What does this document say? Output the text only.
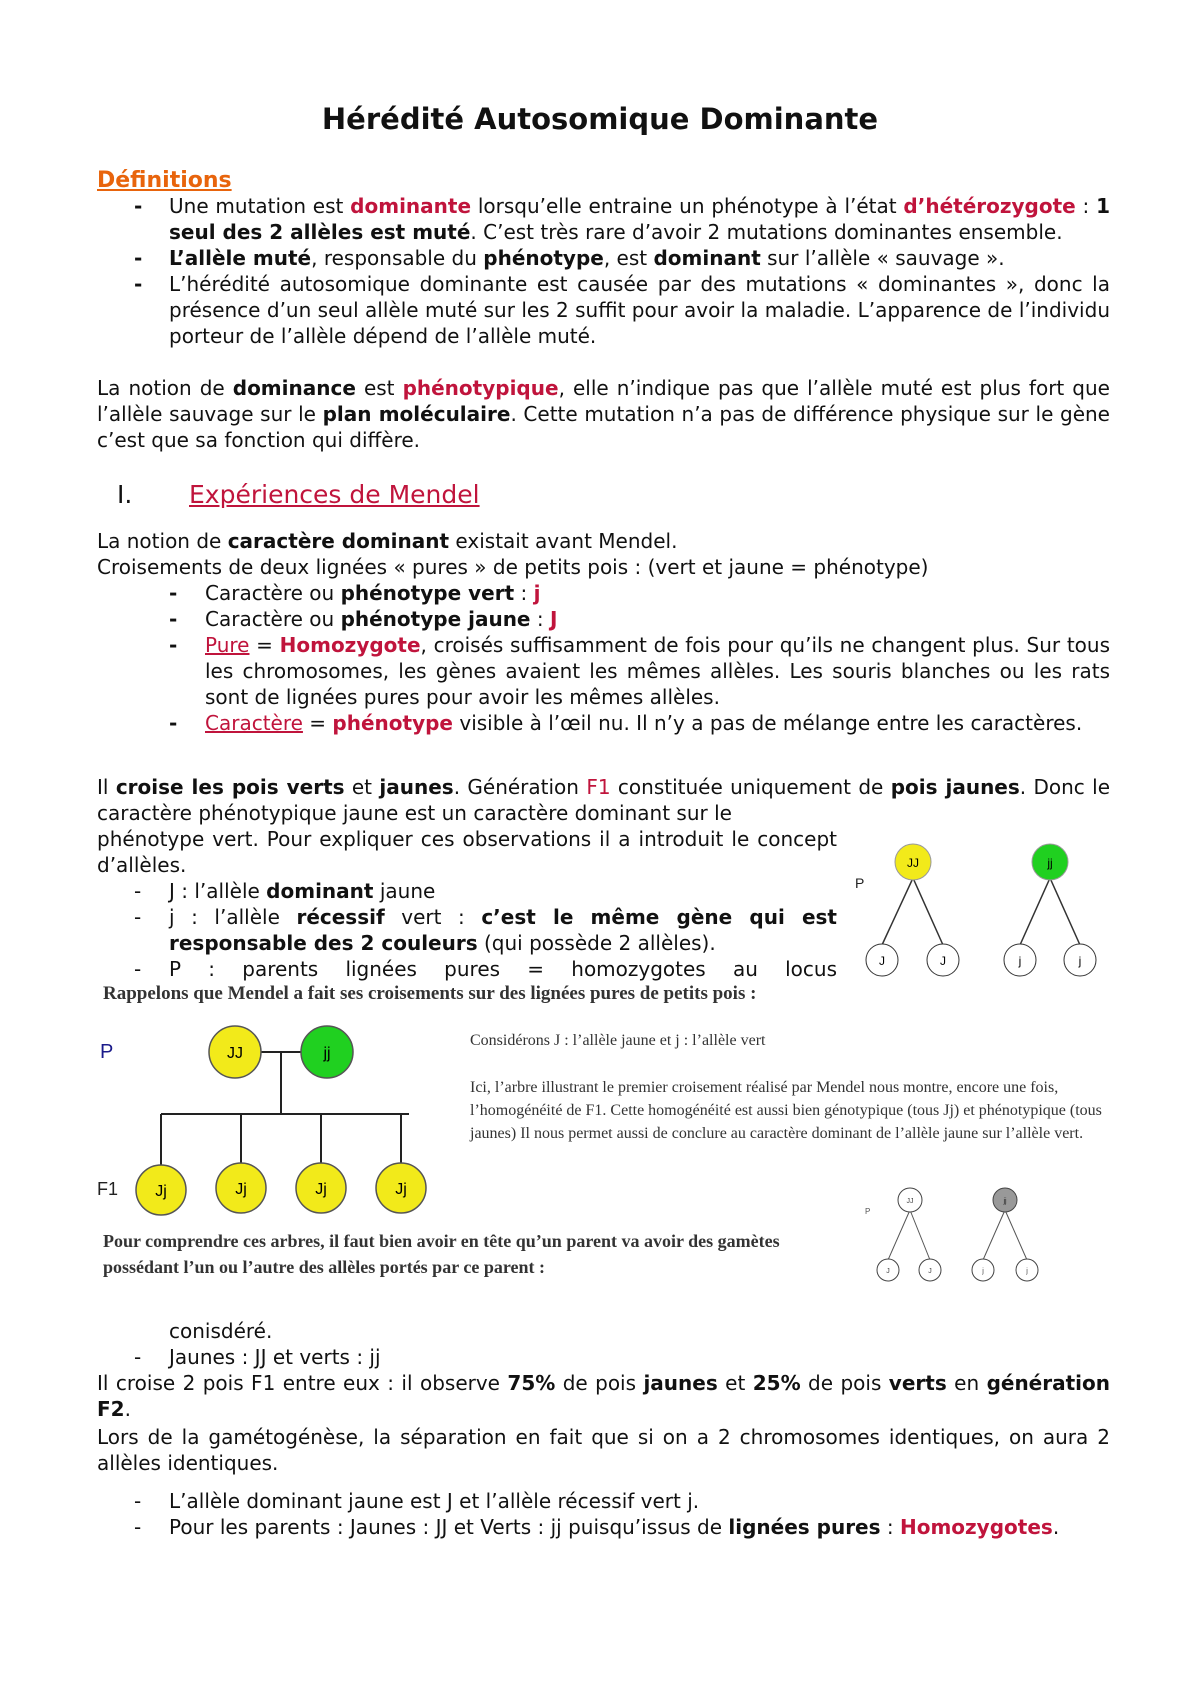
Hérédité Autosomique Dominante
Définitions
- Une mutation est dominante lorsqu’elle entraine un phénotype à l’état d’hétérozygote : 1 seul des 2 allèles est muté. C’est très rare d’avoir 2 mutations dominantes ensemble.
- L’allèle muté, responsable du phénotype, est dominant sur l’allèle « sauvage ».
- L’hérédité autosomique dominante est causée par des mutations « dominantes », donc la présence d’un seul allèle muté sur les 2 suffit pour avoir la maladie. L’apparence de l’individu porteur de l’allèle dépend de l’allèle muté.
La notion de dominance est phénotypique, elle n’indique pas que l’allèle muté est plus fort que l’allèle sauvage sur le plan moléculaire. Cette mutation n’a pas de différence physique sur le gène c’est que sa fonction qui diffère.
I. Expériences de Mendel
La notion de caractère dominant existait avant Mendel.
Croisements de deux lignées « pures » de petits pois : (vert et jaune = phénotype)
- Caractère ou phénotype vert : j
- Caractère ou phénotype jaune : J
- Pure = Homozygote, croisés suffisamment de fois pour qu’ils ne changent plus. Sur tous les chromosomes, les gènes avaient les mêmes allèles. Les souris blanches ou les rats sont de lignées pures pour avoir les mêmes allèles.
- Caractère = phénotype visible à l’œil nu. Il n’y a pas de mélange entre les caractères.
Il croise les pois verts et jaunes. Génération F1 constituée uniquement de pois jaunes. Donc le caractère phénotypique jaune est un caractère dominant sur le
phénotype vert. Pour expliquer ces observations il a introduit le concept d’allèles.
- J : l’allèle dominant jaune
- j : l’allèle récessif vert : c’est le même gène qui est responsable des 2 couleurs (qui possède 2 allèles).
- P : parents lignées pures = homozygotes au locus
P
JJ	jj
J	J	j	j
Rappelons que Mendel a fait ses croisements sur des lignées pures de petits pois :
P
F1
JJ	jj
Jj	Jj	Jj	Jj
Considérons J : l’allèle jaune et j : l’allèle vert
Ici, l’arbre illustrant le premier croisement réalisé par Mendel nous montre, encore une fois, l’homogénéité de F1. Cette homogénéité est aussi bien génotypique (tous Jj) et phénotypique (tous jaunes) Il nous permet aussi de conclure au caractère dominant de l’allèle jaune sur l’allèle vert.
Pour comprendre ces arbres, il faut bien avoir en tête qu’un parent va avoir des gamètes possédant l’un ou l’autre des allèles portés par ce parent :
P
JJ	jj
J	J	j	j
conisdéré.
- Jaunes : JJ et verts : jj
Il croise 2 pois F1 entre eux : il observe 75% de pois jaunes et 25% de pois verts en génération F2.
Lors de la gamétogénèse, la séparation en fait que si on a 2 chromosomes identiques, on aura 2 allèles identiques.
- L’allèle dominant jaune est J et l’allèle récessif vert j.
- Pour les parents : Jaunes : JJ et Verts : jj puisqu’issus de lignées pures : Homozygotes.
